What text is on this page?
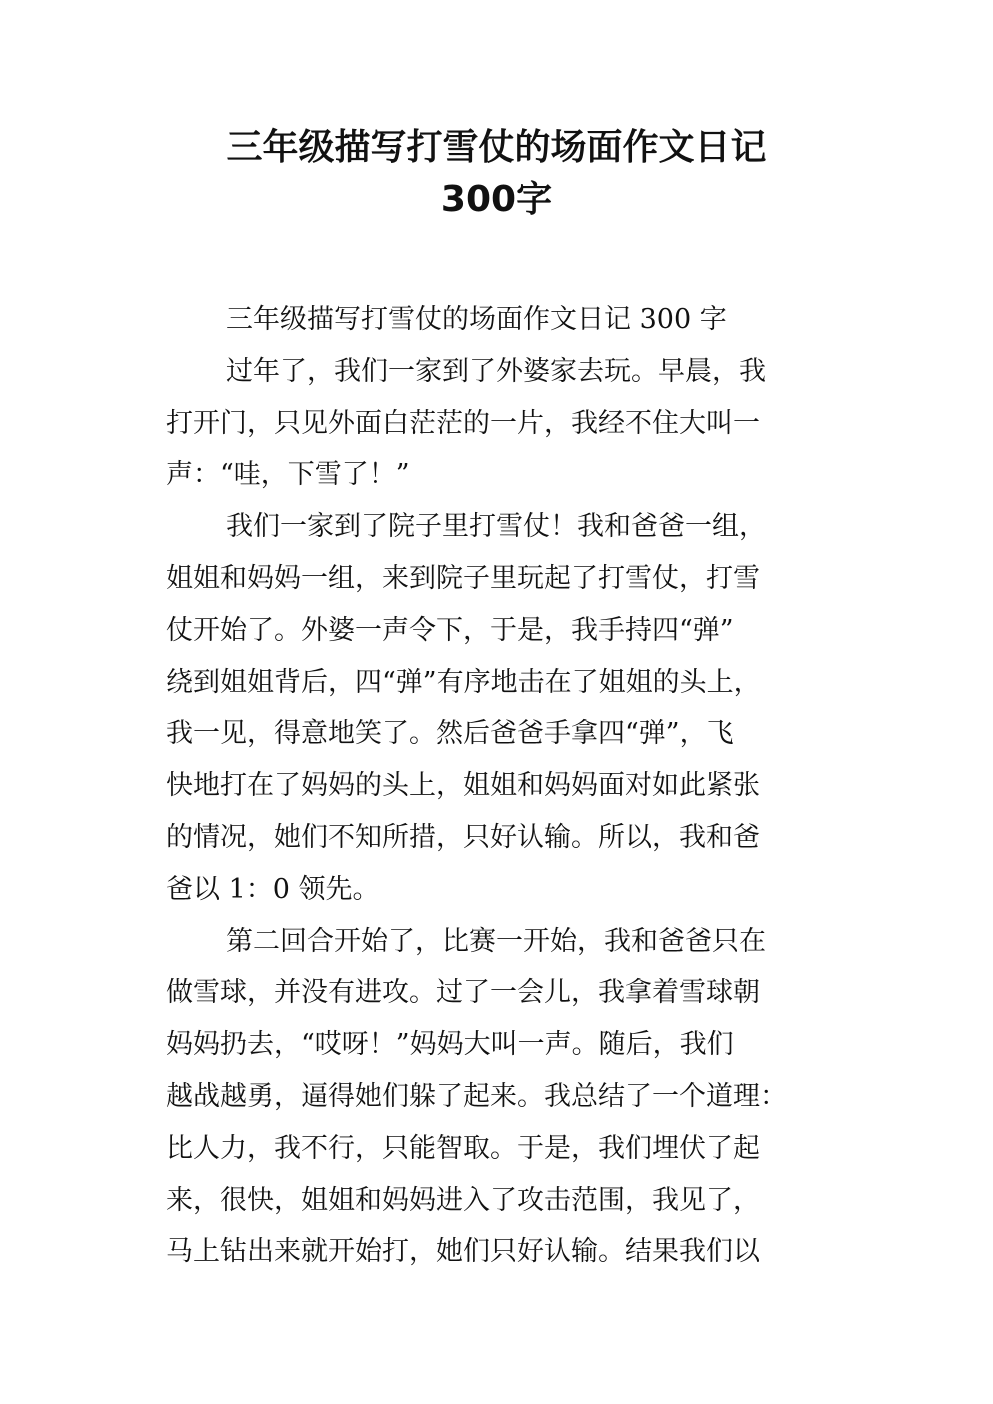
三年级描写打雪仗的场面作文日记
300字
三年级描写打雪仗的场面作文日记 300 字
过年了，我们一家到了外婆家去玩。早晨，我
打开门，只见外面白茫茫的一片，我经不住大叫一
声：“哇，下雪了！”
我们一家到了院子里打雪仗！我和爸爸一组，
姐姐和妈妈一组，来到院子里玩起了打雪仗，打雪
仗开始了。外婆一声令下，于是，我手持四“弹”
绕到姐姐背后，四“弹”有序地击在了姐姐的头上，
我一见，得意地笑了。然后爸爸手拿四“弹”，飞
快地打在了妈妈的头上，姐姐和妈妈面对如此紧张
的情况，她们不知所措，只好认输。所以，我和爸
爸以 1：0 领先。
第二回合开始了，比赛一开始，我和爸爸只在
做雪球，并没有进攻。过了一会儿，我拿着雪球朝
妈妈扔去，“哎呀！”妈妈大叫一声。随后，我们
越战越勇，逼得她们躲了起来。我总结了一个道理：
比人力，我不行，只能智取。于是，我们埋伏了起
来，很快，姐姐和妈妈进入了攻击范围，我见了，
马上钻出来就开始打，她们只好认输。结果我们以
